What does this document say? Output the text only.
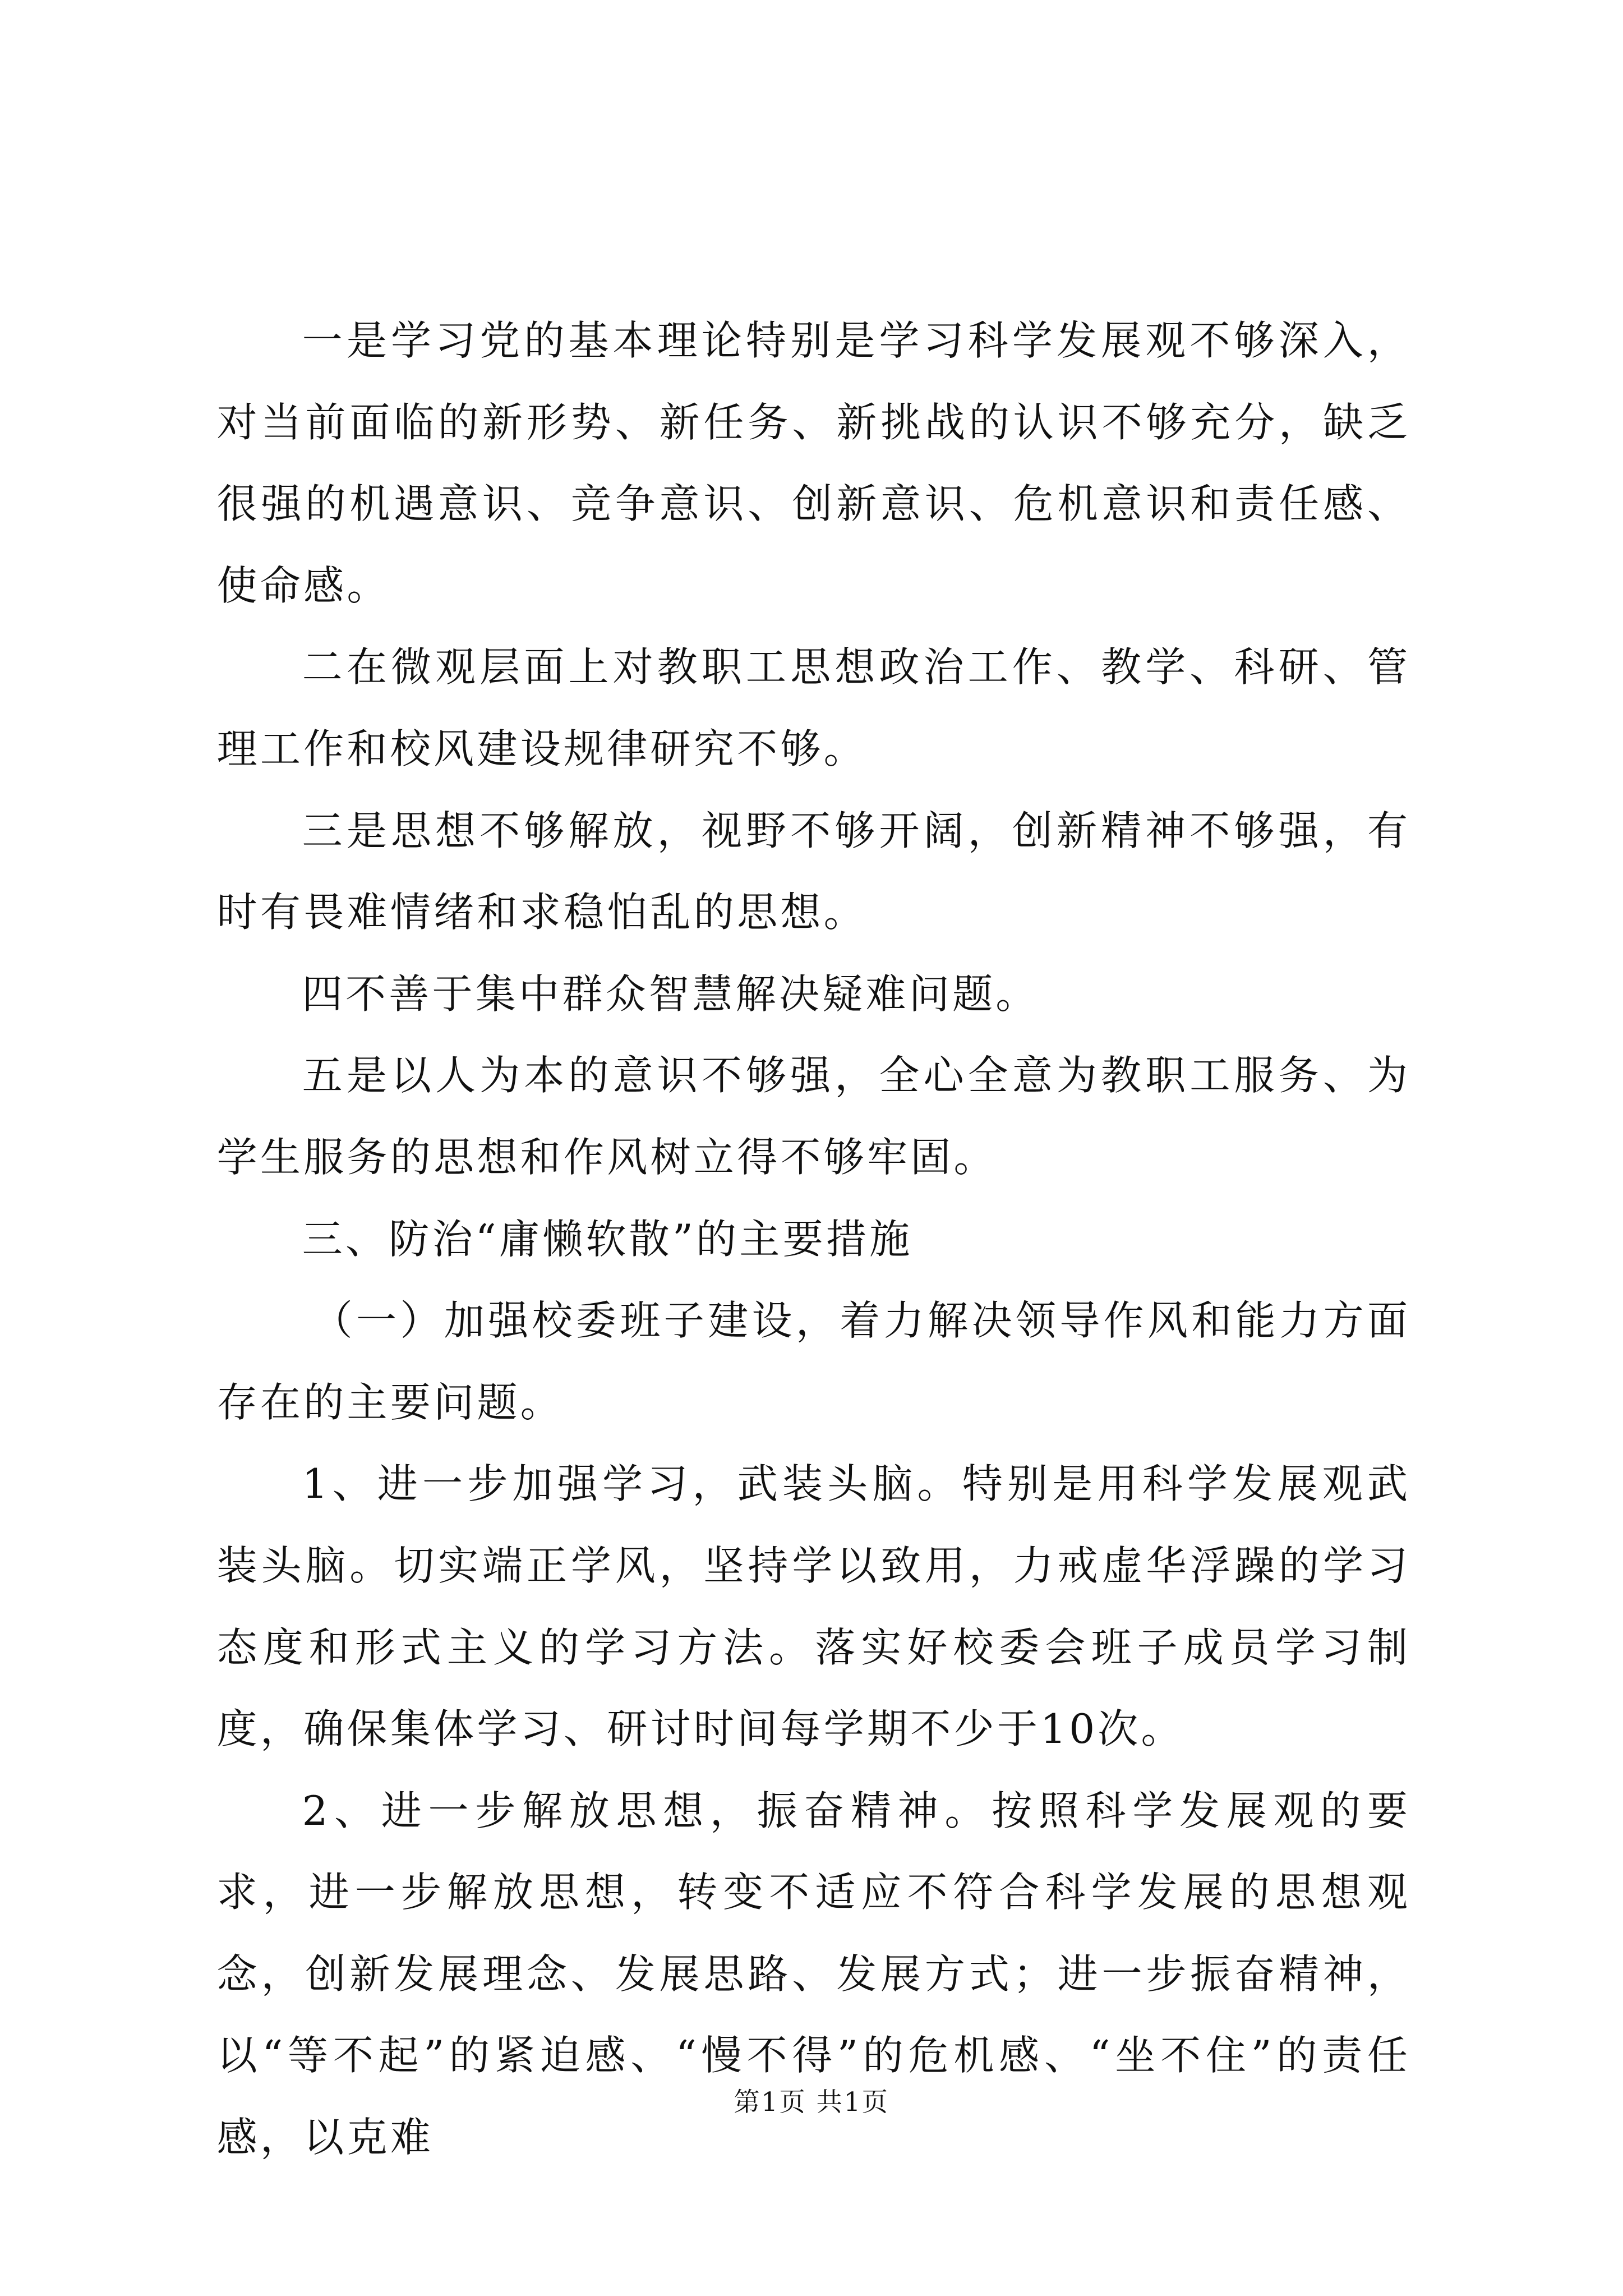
一是学习党的基本理论特别是学习科学发展观不够深入，对当前面临的新形势、新任务、新挑战的认识不够充分，缺乏很强的机遇意识、竞争意识、创新意识、危机意识和责任感、使命感。

二在微观层面上对教职工思想政治工作、教学、科研、管理工作和校风建设规律研究不够。

三是思想不够解放，视野不够开阔，创新精神不够强，有时有畏难情绪和求稳怕乱的思想。

四不善于集中群众智慧解决疑难问题。

五是以人为本的意识不够强，全心全意为教职工服务、为学生服务的思想和作风树立得不够牢固。

三、防治“庸懒软散”的主要措施

（一）加强校委班子建设，着力解决领导作风和能力方面存在的主要问题。

1、进一步加强学习，武装头脑。特别是用科学发展观武装头脑。切实端正学风，坚持学以致用，力戒虚华浮躁的学习态度和形式主义的学习方法。落实好校委会班子成员学习制度，确保集体学习、研讨时间每学期不少于10次。

2、进一步解放思想，振奋精神。按照科学发展观的要求，进一步解放思想，转变不适应不符合科学发展的思想观念，创新发展理念、发展思路、发展方式；进一步振奋精神，以“等不起”的紧迫感、“慢不得”的危机感、“坐不住”的责任感，以克难

第1页 共1页
